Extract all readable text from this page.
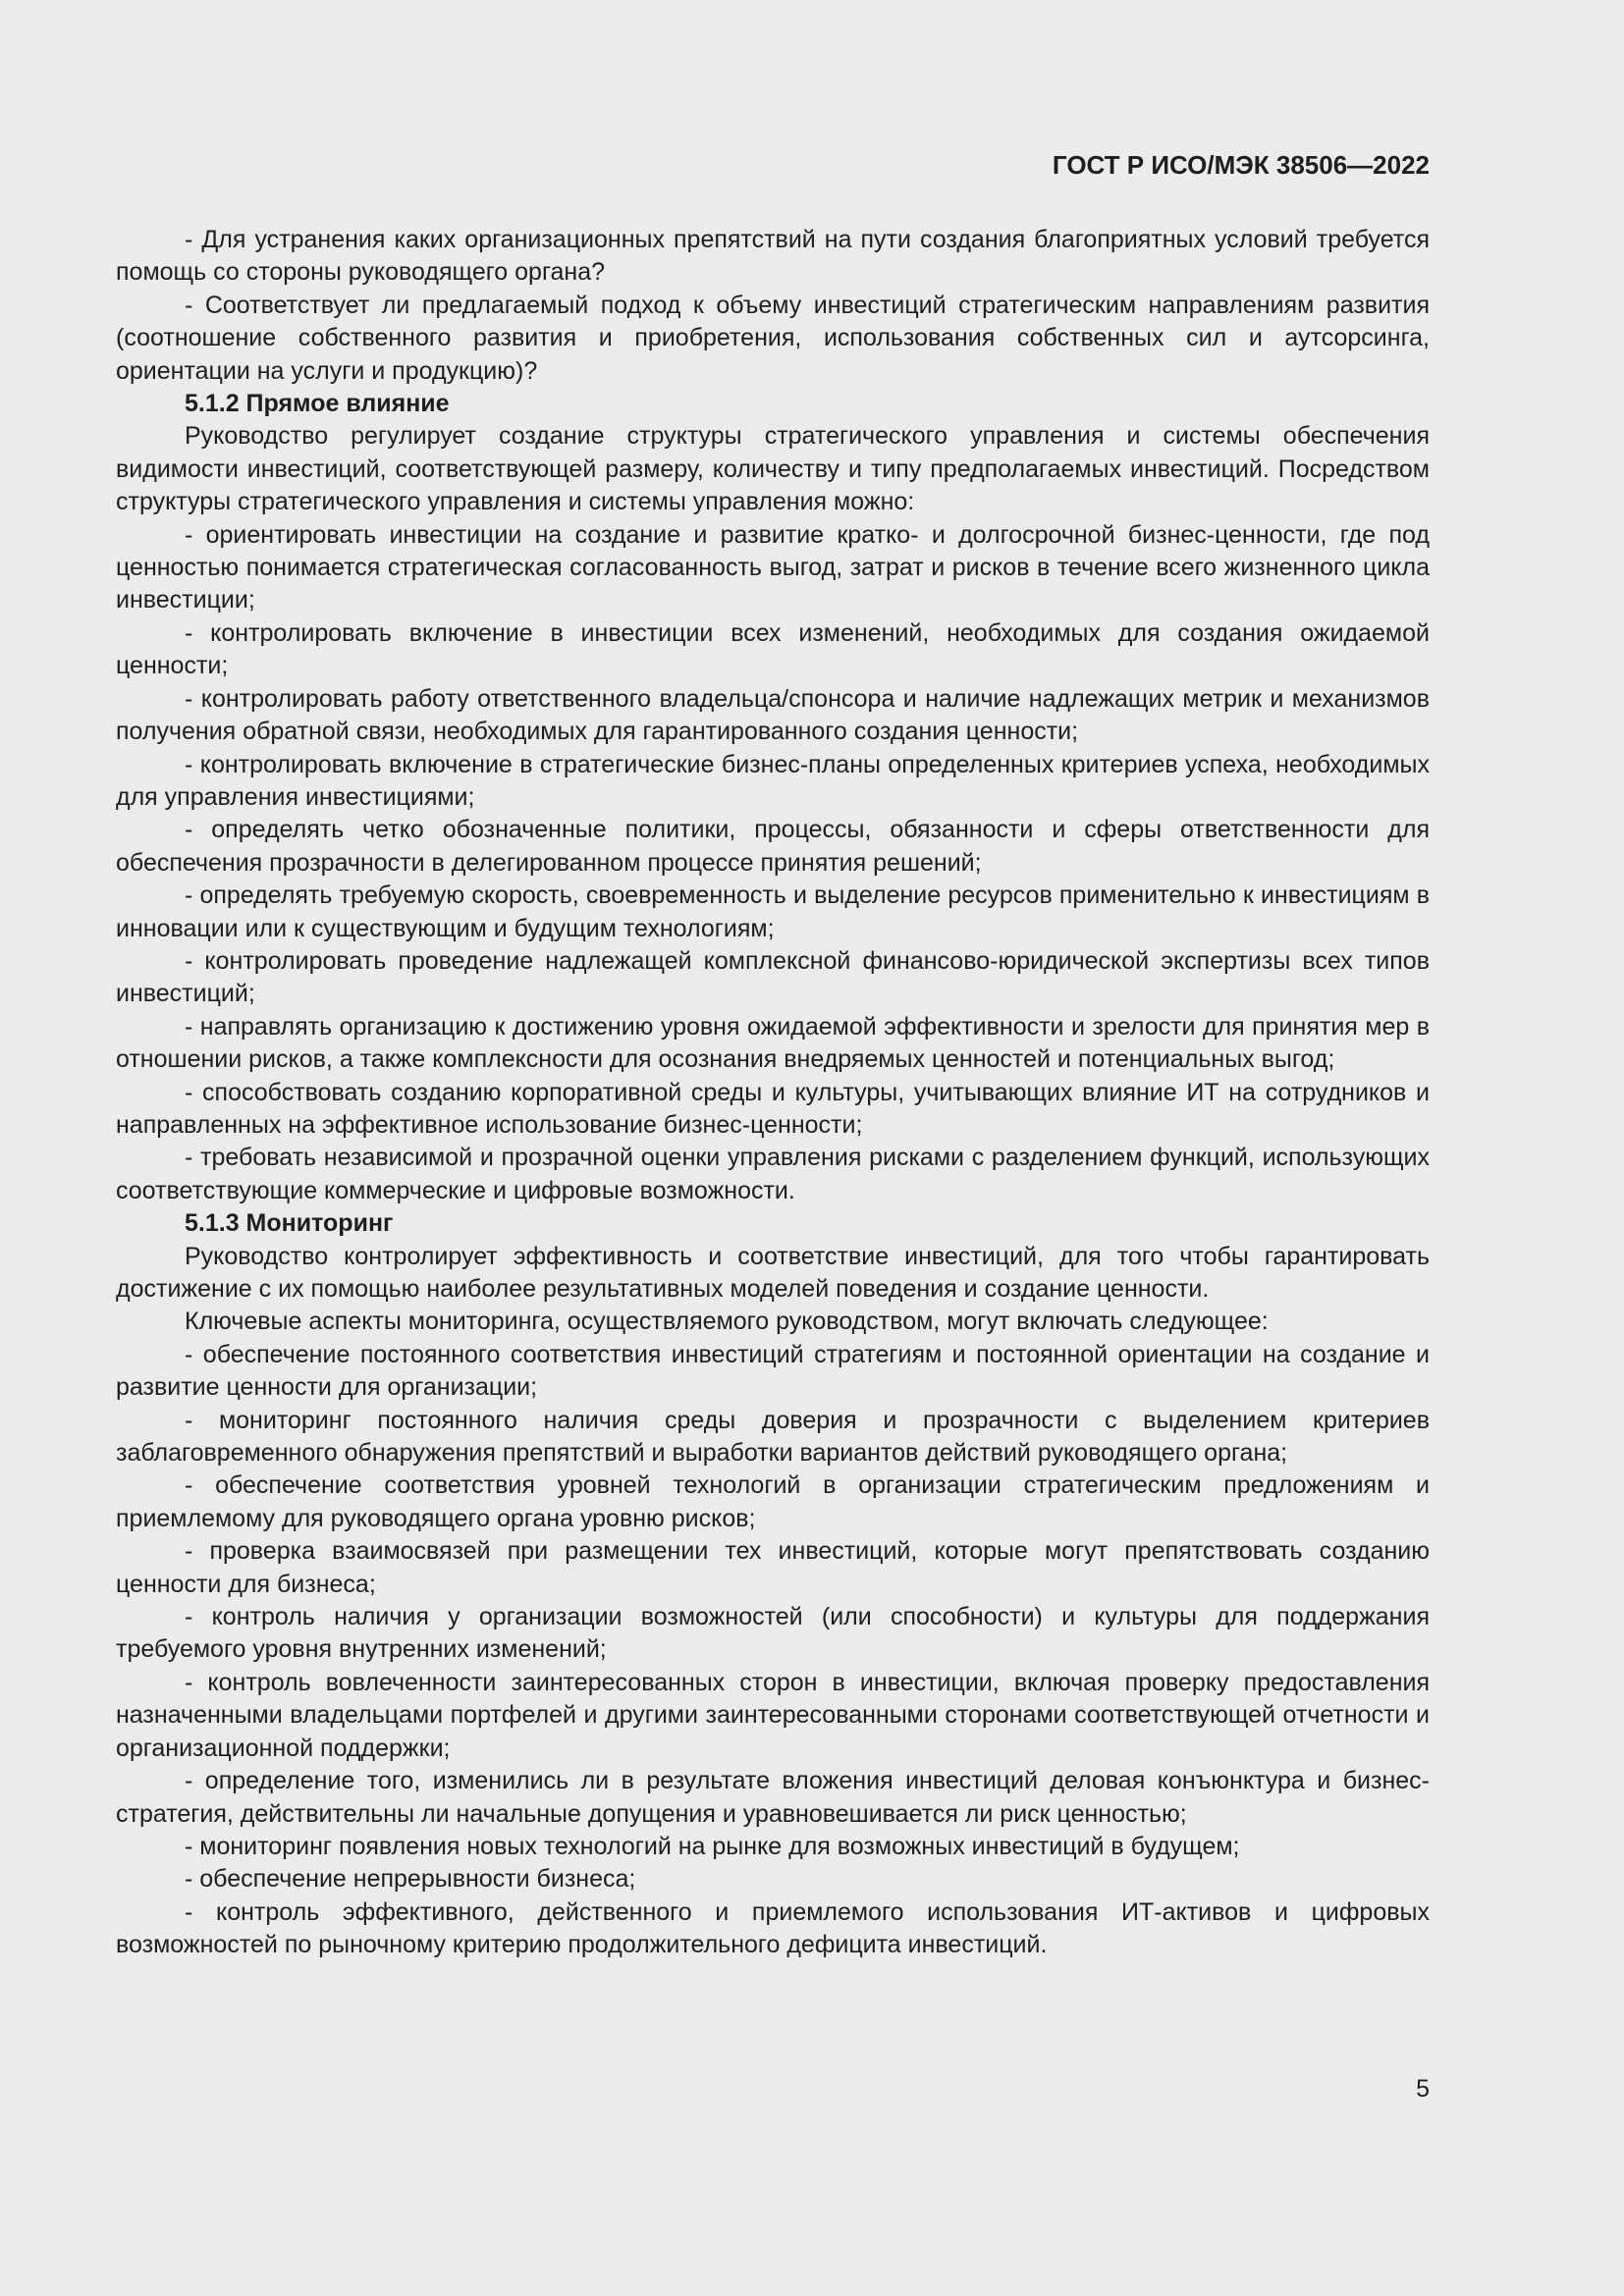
ГОСТ Р ИСО/МЭК 38506—2022

- Для устранения каких организационных препятствий на пути создания благоприятных условий требуется помощь со стороны руководящего органа?

- Соответствует ли предлагаемый подход к объему инвестиций стратегическим направлениям развития (соотношение собственного развития и приобретения, использования собственных сил и аутсорсинга, ориентации на услуги и продукцию)?

5.1.2 Прямое влияние

Руководство регулирует создание структуры стратегического управления и системы обеспечения видимости инвестиций, соответствующей размеру, количеству и типу предполагаемых инвестиций. Посредством структуры стратегического управления и системы управления можно:

- ориентировать инвестиции на создание и развитие кратко- и долгосрочной бизнес-ценности, где под ценностью понимается стратегическая согласованность выгод, затрат и рисков в течение всего жизненного цикла инвестиции;

- контролировать включение в инвестиции всех изменений, необходимых для создания ожидаемой ценности;

- контролировать работу ответственного владельца/спонсора и наличие надлежащих метрик и механизмов получения обратной связи, необходимых для гарантированного создания ценности;

- контролировать включение в стратегические бизнес-планы определенных критериев успеха, необходимых для управления инвестициями;

- определять четко обозначенные политики, процессы, обязанности и сферы ответственности для обеспечения прозрачности в делегированном процессе принятия решений;

- определять требуемую скорость, своевременность и выделение ресурсов применительно к инвестициям в инновации или к существующим и будущим технологиям;

- контролировать проведение надлежащей комплексной финансово-юридической экспертизы всех типов инвестиций;

- направлять организацию к достижению уровня ожидаемой эффективности и зрелости для принятия мер в отношении рисков, а также комплексности для осознания внедряемых ценностей и потенциальных выгод;

- способствовать созданию корпоративной среды и культуры, учитывающих влияние ИТ на сотрудников и направленных на эффективное использование бизнес-ценности;

- требовать независимой и прозрачной оценки управления рисками с разделением функций, использующих соответствующие коммерческие и цифровые возможности.

5.1.3 Мониторинг

Руководство контролирует эффективность и соответствие инвестиций, для того чтобы гарантировать достижение с их помощью наиболее результативных моделей поведения и создание ценности.

Ключевые аспекты мониторинга, осуществляемого руководством, могут включать следующее:

- обеспечение постоянного соответствия инвестиций стратегиям и постоянной ориентации на создание и развитие ценности для организации;

- мониторинг постоянного наличия среды доверия и прозрачности с выделением критериев заблаговременного обнаружения препятствий и выработки вариантов действий руководящего органа;

- обеспечение соответствия уровней технологий в организации стратегическим предложениям и приемлемому для руководящего органа уровню рисков;

- проверка взаимосвязей при размещении тех инвестиций, которые могут препятствовать созданию ценности для бизнеса;

- контроль наличия у организации возможностей (или способности) и культуры для поддержания требуемого уровня внутренних изменений;

- контроль вовлеченности заинтересованных сторон в инвестиции, включая проверку предоставления назначенными владельцами портфелей и другими заинтересованными сторонами соответствующей отчетности и организационной поддержки;

- определение того, изменились ли в результате вложения инвестиций деловая конъюнктура и бизнес-стратегия, действительны ли начальные допущения и уравновешивается ли риск ценностью;

- мониторинг появления новых технологий на рынке для возможных инвестиций в будущем;

- обеспечение непрерывности бизнеса;

- контроль эффективного, действенного и приемлемого использования ИТ-активов и цифровых возможностей по рыночному критерию продолжительного дефицита инвестиций.

5
